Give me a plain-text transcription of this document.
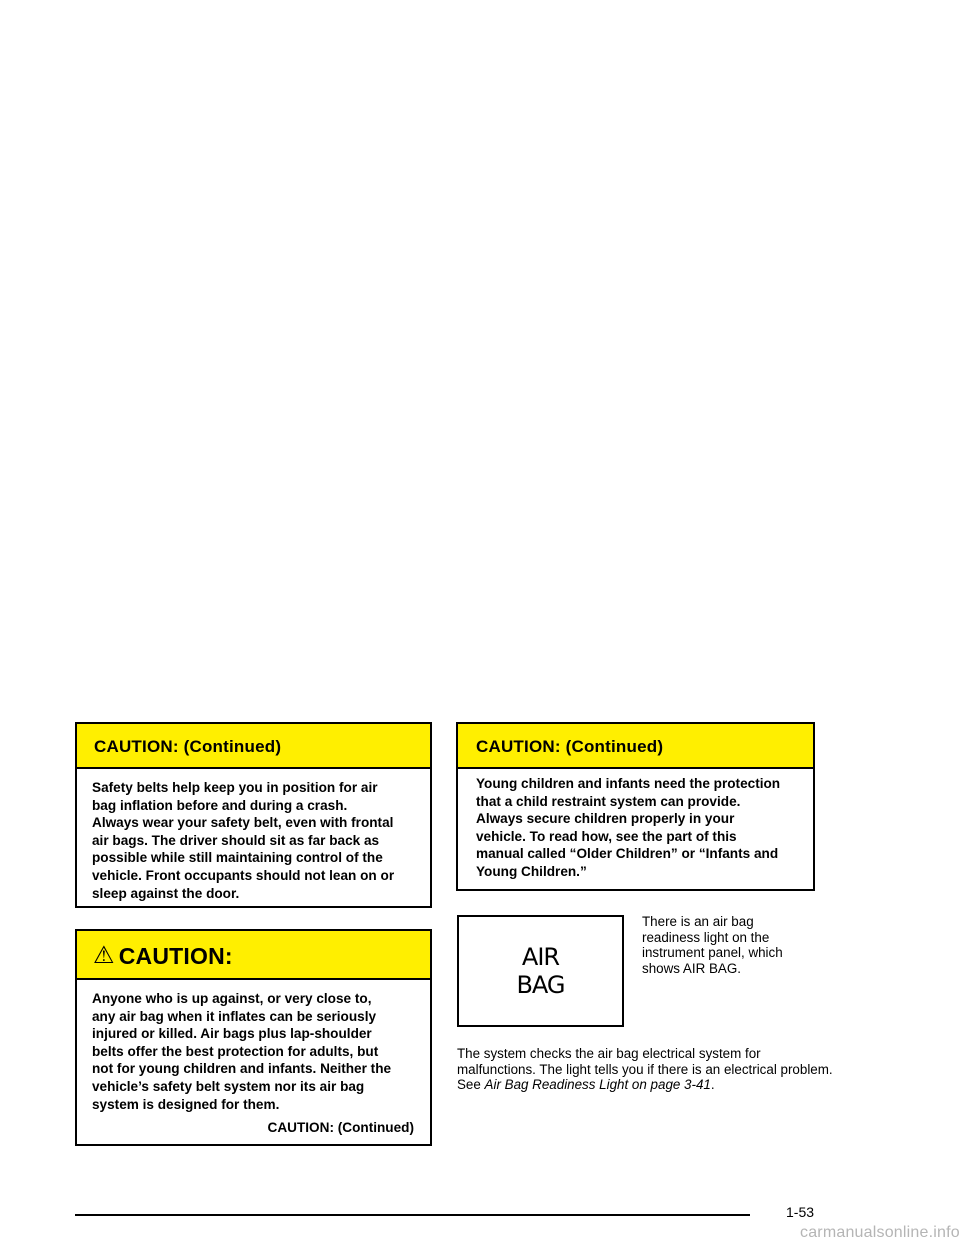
CAUTION: (Continued)
Safety belts help keep you in position for air
bag inflation before and during a crash.
Always wear your safety belt, even with frontal
air bags. The driver should sit as far back as
possible while still maintaining control of the
vehicle. Front occupants should not lean on or
sleep against the door.
⚠ CAUTION:
Anyone who is up against, or very close to,
any air bag when it inflates can be seriously
injured or killed. Air bags plus lap-shoulder
belts offer the best protection for adults, but
not for young children and infants. Neither the
vehicle’s safety belt system nor its air bag
system is designed for them.
CAUTION: (Continued)
CAUTION: (Continued)
Young children and infants need the protection
that a child restraint system can provide.
Always secure children properly in your
vehicle. To read how, see the part of this
manual called “Older Children” or “Infants and
Young Children.”
AIR
BAG
There is an air bag
readiness light on the
instrument panel, which
shows AIR BAG.
The system checks the air bag electrical system for malfunctions. The light tells you if there is an electrical problem. See Air Bag Readiness Light on page 3-41.
1-53
carmanualsonline.info
